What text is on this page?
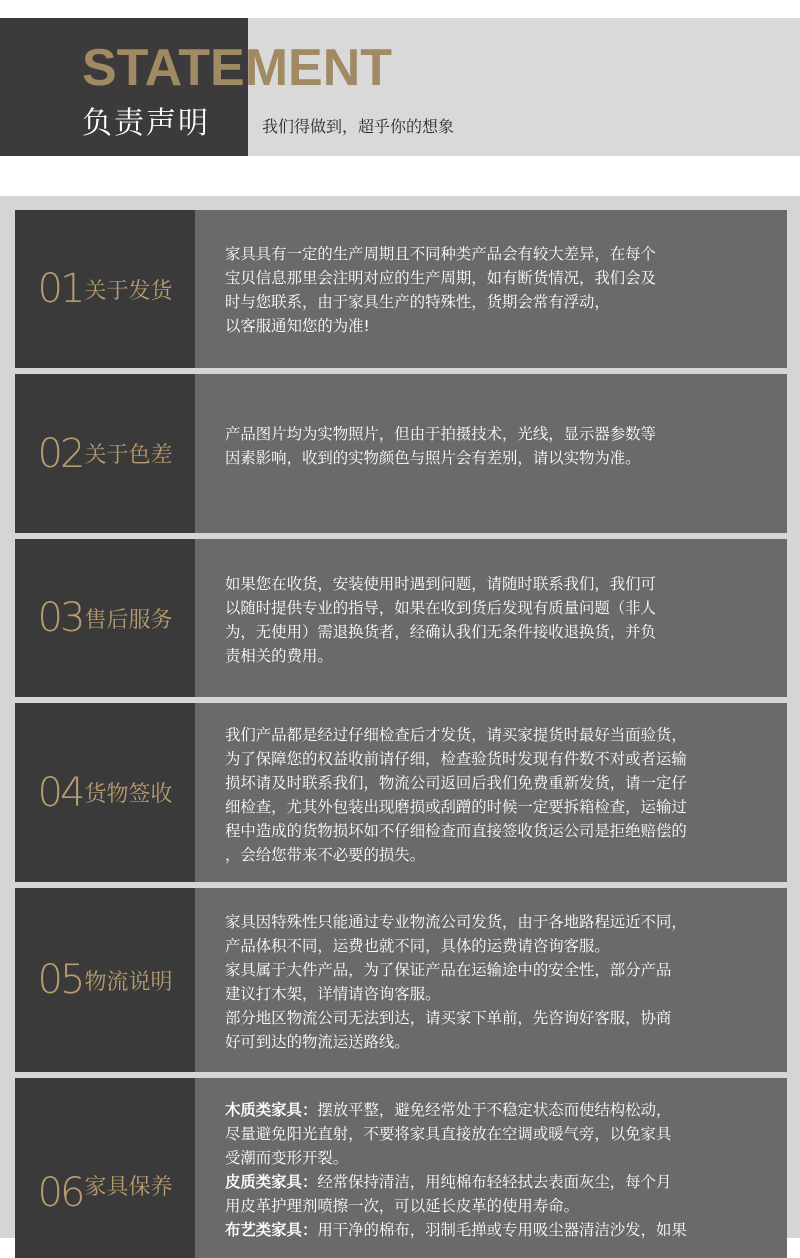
STATEMENT
负责声明	我们得做到，超乎你的想象
01 关于发货

家具具有一定的生产周期且不同种类产品会有较大差异，在每个

宝贝信息那里会注明对应的生产周期，如有断货情况，我们会及

时与您联系，由于家具生产的特殊性，货期会常有浮动，

以客服通知您的为准!

02 关于色差

产品图片均为实物照片，但由于拍摄技术，光线，显示器参数等

因素影响，收到的实物颜色与照片会有差别，请以实物为准。

03 售后服务

如果您在收货，安装使用时遇到问题，请随时联系我们，我们可

以随时提供专业的指导，如果在收到货后发现有质量问题（非人

为，无使用）需退换货者，经确认我们无条件接收退换货，并负

责相关的费用。

04 货物签收

我们产品都是经过仔细检查后才发货，请买家提货时最好当面验货，

为了保障您的权益收前请仔细，检查验货时发现有件数不对或者运输

损坏请及时联系我们，物流公司返回后我们免费重新发货，请一定仔

细检查，尤其外包装出现磨损或刮蹭的时候一定要拆箱检查，运输过

程中造成的货物损坏如不仔细检查而直接签收货运公司是拒绝赔偿的

，会给您带来不必要的损失。

05 物流说明

家具因特殊性只能通过专业物流公司发货，由于各地路程远近不同，

产品体积不同，运费也就不同，具体的运费请咨询客服。

家具属于大件产品，为了保证产品在运输途中的安全性，部分产品

建议打木架，详情请咨询客服。

部分地区物流公司无法到达，请买家下单前，先咨询好客服，协商

好可到达的物流运送路线。

06 家具保养

木质类家具：摆放平整，避免经常处于不稳定状态而使结构松动，

尽量避免阳光直射，不要将家具直接放在空调或暖气旁，以免家具

受潮而变形开裂。

皮质类家具：经常保持清洁，用纯棉布轻轻拭去表面灰尘，每个月

用皮革护理剂喷擦一次，可以延长皮革的使用寿命。

布艺类家具：用干净的棉布，羽制毛掸或专用吸尘器清洁沙发，如果
